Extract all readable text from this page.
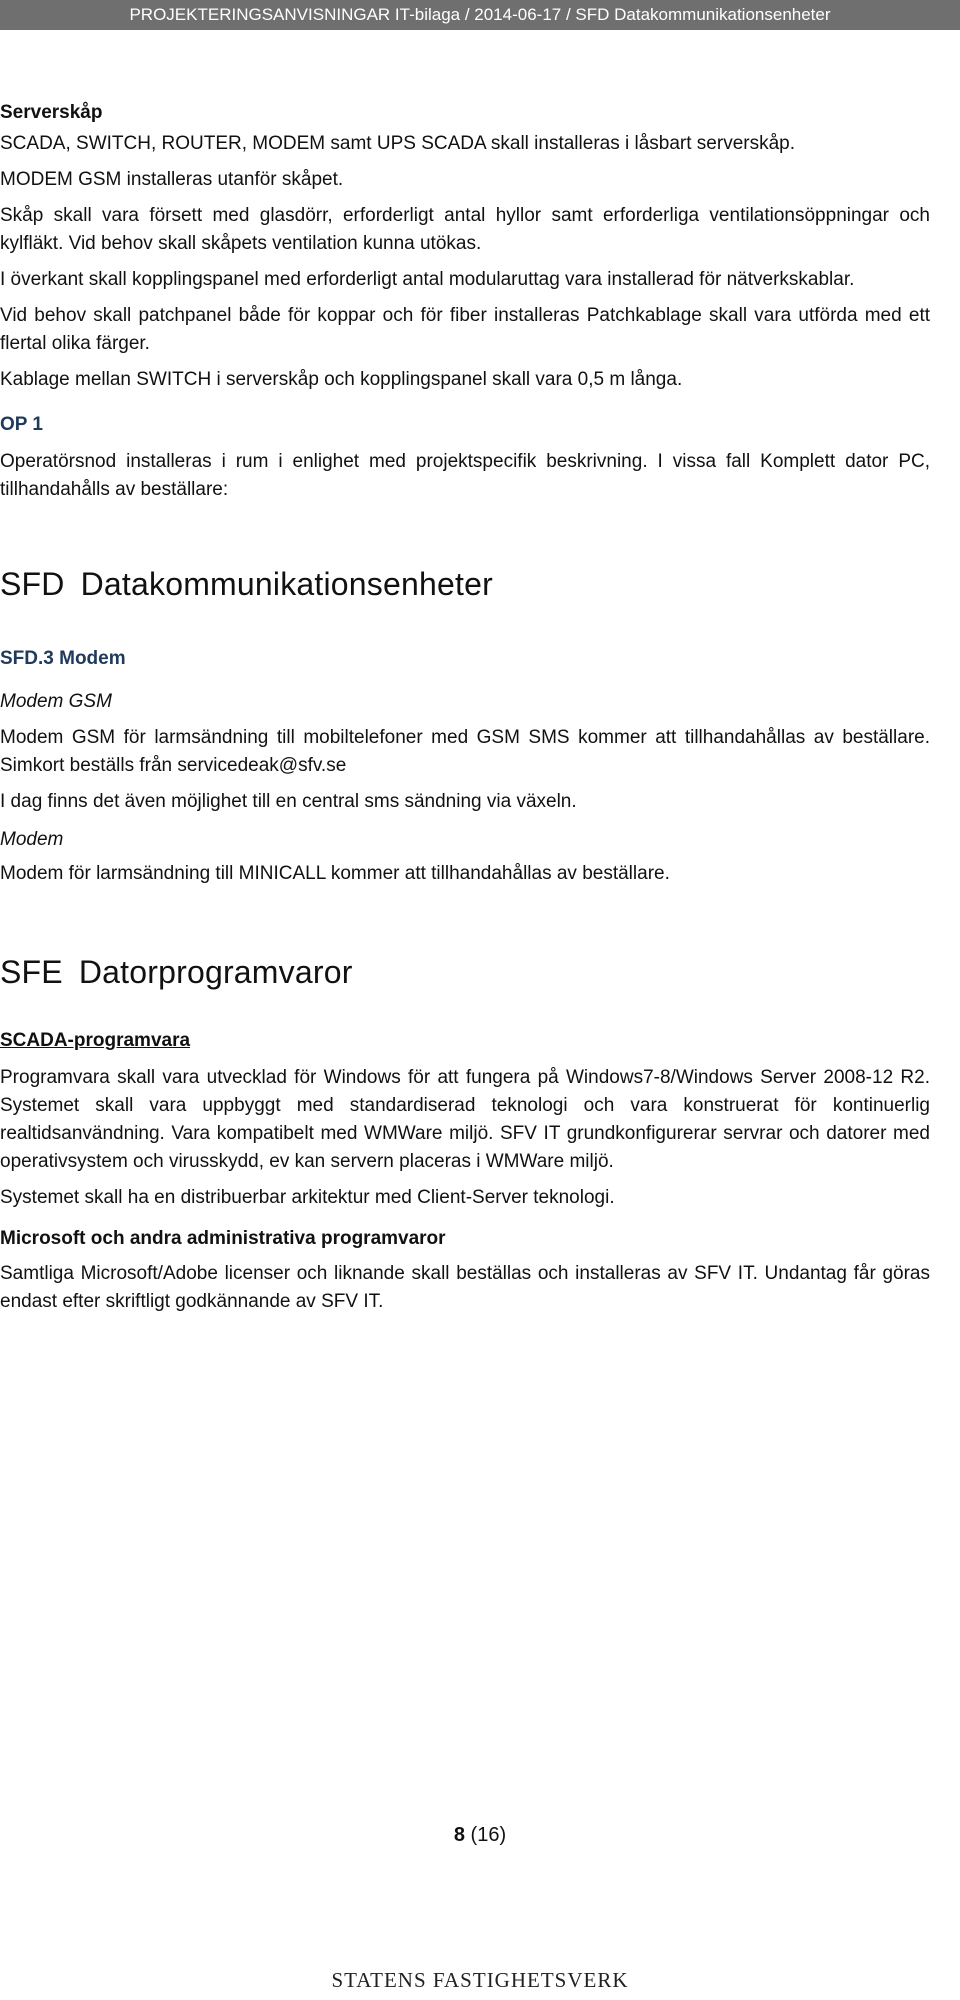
PROJEKTERINGSANVISNINGAR IT-bilaga / 2014-06-17 / SFD Datakommunikationsenheter
Serverskåp

SCADA, SWITCH, ROUTER, MODEM samt UPS SCADA skall installeras i låsbart serverskåp.

MODEM GSM installeras utanför skåpet.

Skåp skall vara försett med glasdörr, erforderligt antal hyllor samt erforderliga ventilationsöppningar och kylfläkt. Vid behov skall skåpets ventilation kunna utökas.

I överkant skall kopplingspanel med erforderligt antal modularuttag vara installerad för nätverkskablar.

Vid behov skall patchpanel både för koppar och för fiber installeras Patchkablage skall vara utförda med ett flertal olika färger.

Kablage mellan SWITCH i serverskåp och kopplingspanel skall vara 0,5 m långa.

OP 1

Operatörsnod installeras i rum i enlighet med projektspecifik beskrivning. I vissa fall Komplett dator PC, tillhandahålls av beställare:

SFD Datakommunikationsenheter
SFD.3 Modem

Modem GSM

Modem GSM för larmsändning till mobiltelefoner med GSM SMS kommer att tillhandahållas av beställare. Simkort beställs från servicedeak@sfv.se

I dag finns det även möjlighet till en central sms sändning via växeln.

Modem

Modem för larmsändning till MINICALL kommer att tillhandahållas av beställare.

SFE Datorprogramvaror
SCADA-programvara

Programvara skall vara utvecklad för Windows för att fungera på Windows7-8/Windows Server 2008-12 R2. Systemet skall vara uppbyggt med standardiserad teknologi och vara konstruerat för kontinuerlig realtidsanvändning. Vara kompatibelt med WMWare miljö. SFV IT grundkonfigurerar servrar och datorer med operativsystem och virusskydd, ev kan servern placeras i WMWare miljö.

Systemet skall ha en distribuerbar arkitektur med Client-Server teknologi.

Microsoft och andra administrativa programvaror

Samtliga Microsoft/Adobe licenser och liknande skall beställas och installeras av SFV IT. Undantag får göras endast efter skriftligt godkännande av SFV IT.

8 (16)
STATENS FASTIGHETSVERK
